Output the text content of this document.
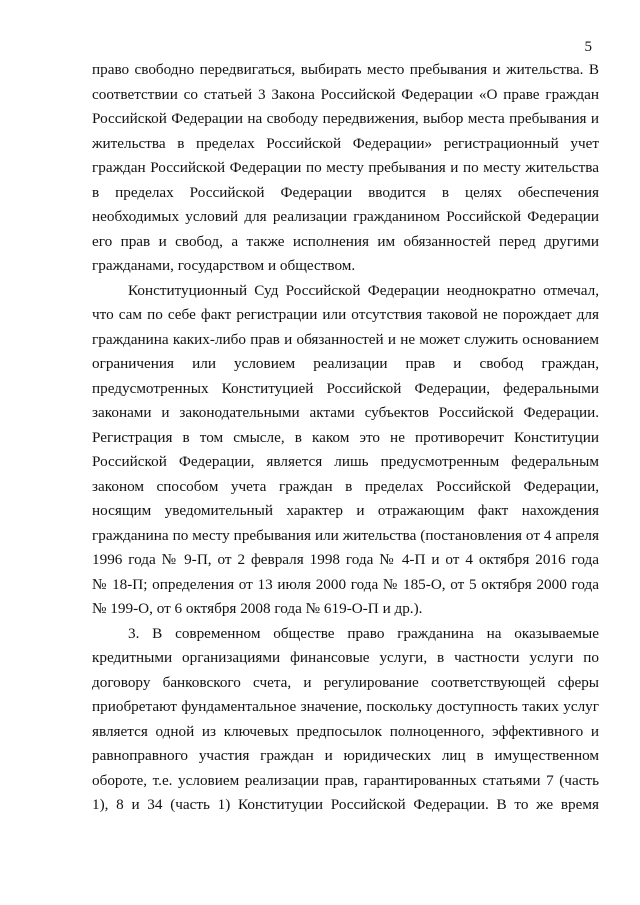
5
право свободно передвигаться, выбирать место пребывания и жительства. В
соответствии со статьей 3 Закона Российской Федерации «О праве граждан
Российской Федерации на свободу передвижения, выбор места пребывания и
жительства в пределах Российской Федерации» регистрационный учет
граждан Российской Федерации по месту пребывания и по месту жительства
в пределах Российской Федерации вводится в целях обеспечения
необходимых условий для реализации гражданином Российской Федерации
его прав и свобод, а также исполнения им обязанностей перед другими
гражданами, государством и обществом.
Конституционный Суд Российской Федерации неоднократно отмечал,
что сам по себе факт регистрации или отсутствия таковой не порождает для
гражданина каких-либо прав и обязанностей и не может служить основанием
ограничения или условием реализации прав и свобод граждан,
предусмотренных Конституцией Российской Федерации, федеральными
законами и законодательными актами субъектов Российской Федерации.
Регистрация в том смысле, в каком это не противоречит Конституции
Российской Федерации, является лишь предусмотренным федеральным
законом способом учета граждан в пределах Российской Федерации,
носящим уведомительный характер и отражающим факт нахождения
гражданина по месту пребывания или жительства (постановления от 4 апреля
1996 года № 9-П, от 2 февраля 1998 года № 4-П и от 4 октября 2016 года
№ 18-П; определения от 13 июля 2000 года № 185-О, от 5 октября 2000 года
№ 199-О, от 6 октября 2008 года № 619-О-П и др.).
3. В современном обществе право гражданина на оказываемые
кредитными организациями финансовые услуги, в частности услуги по
договору банковского счета, и регулирование соответствующей сферы
приобретают фундаментальное значение, поскольку доступность таких услуг
является одной из ключевых предпосылок полноценного, эффективного и
равноправного участия граждан и юридических лиц в имущественном
обороте, т.е. условием реализации прав, гарантированных статьями 7 (часть
1), 8 и 34 (часть 1) Конституции Российской Федерации. В то же время
